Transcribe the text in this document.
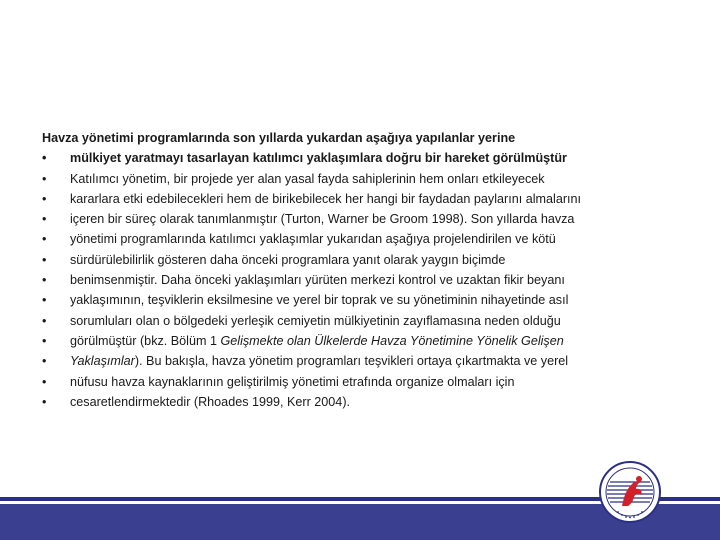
Havza yönetimi programlarında son yıllarda yukardan aşağıya yapılanlar yerine
•	mülkiyet yaratmayı tasarlayan katılımcı yaklaşımlara doğru bir hareket görülmüştür
•	Katılımcı yönetim, bir projede yer alan yasal fayda sahiplerinin hem onları etkileyecek
•	kararlara etki edebilecekleri hem de birikebilecek her hangi bir faydadan paylarını almalarını
•	içeren bir süreç olarak tanımlanmıştır (Turton, Warner be Groom 1998). Son yıllarda havza
•	yönetimi programlarında katılımcı yaklaşımlar yukarıdan aşağıya projelendirilen ve kötü
•	sürdürülebilirlik gösteren daha önceki programlara yanıt olarak yaygın biçimde
•	benimsenmiştir. Daha önceki yaklaşımları yürüten merkezi kontrol ve uzaktan fikir beyanı
•	yaklaşımının, teşviklerin eksilmesine ve yerel bir toprak ve su yönetiminin nihayetinde asıl
•	sorumluları olan o bölgedeki yerleşik cemiyetin mülkiyetinin zayıflamasına neden olduğu
•	görülmüştür (bkz. Bölüm 1 Gelişmekte olan Ülkelerde Havza Yönetimine Yönelik Gelişen
•	Yaklaşımlar). Bu bakışla, havza yönetim programları teşvikleri ortaya çıkartmakta ve yerel
•	nüfusu havza kaynaklarının geliştirilmiş yönetimi etrafında organize olmaları için
•	cesaretlendirmektedir (Rhoades 1999, Kerr 2004).
